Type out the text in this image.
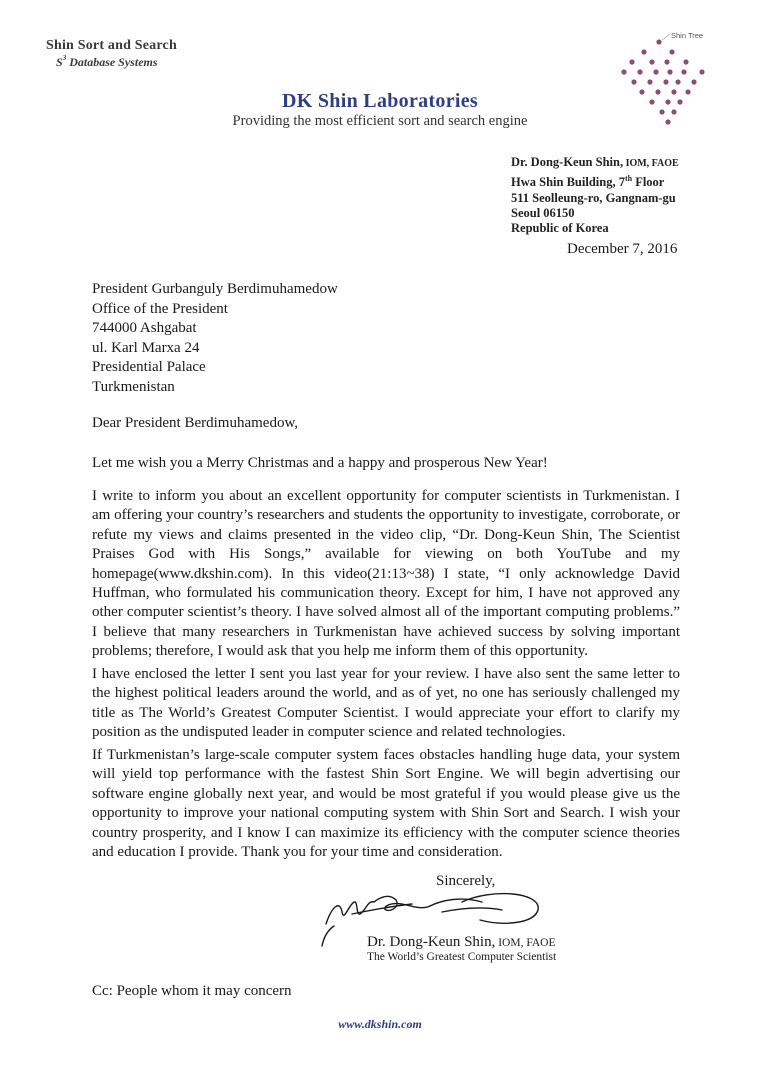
Shin Sort and Search
$S^3$ Database Systems
Shin Tree
DK Shin Laboratories
Providing the most efficient sort and search engine
Dr. Dong-Keun Shin, IOM, FAOE
Hwa Shin Building, 7th Floor
511 Seolleung-ro, Gangnam-gu
Seoul 06150
Republic of Korea
December 7, 2016
President Gurbanguly Berdimuhamedow
Office of the President
744000 Ashgabat
ul. Karl Marxa 24
Presidential Palace
Turkmenistan
Dear President Berdimuhamedow,
Let me wish you a Merry Christmas and a happy and prosperous New Year!
I write to inform you about an excellent opportunity for computer scientists in Turkmenistan. I am offering your country’s researchers and students the opportunity to investigate, corroborate, or refute my views and claims presented in the video clip, “Dr. Dong-Keun Shin, The Scientist Praises God with His Songs,” available for viewing on both YouTube and my homepage(www.dkshin.com). In this video(21:13~38) I state, “I only acknowledge David Huffman, who formulated his communication theory. Except for him, I have not approved any other computer scientist’s theory. I have solved almost all of the important computing problems.” I believe that many researchers in Turkmenistan have achieved success by solving important problems; therefore, I would ask that you help me inform them of this opportunity.
I have enclosed the letter I sent you last year for your review. I have also sent the same letter to the highest political leaders around the world, and as of yet, no one has seriously challenged my title as The World’s Greatest Computer Scientist. I would appreciate your effort to clarify my position as the undisputed leader in computer science and related technologies.
If Turkmenistan’s large-scale computer system faces obstacles handling huge data, your system will yield top performance with the fastest Shin Sort Engine. We will begin advertising our software engine globally next year, and would be most grateful if you would please give us the opportunity to improve your national computing system with Shin Sort and Search. I wish your country prosperity, and I know I can maximize its efficiency with the computer science theories and education I provide. Thank you for your time and consideration.
Sincerely,
Dr. Dong-Keun Shin, IOM, FAOE
The World’s Greatest Computer Scientist
Cc: People whom it may concern
www.dkshin.com
